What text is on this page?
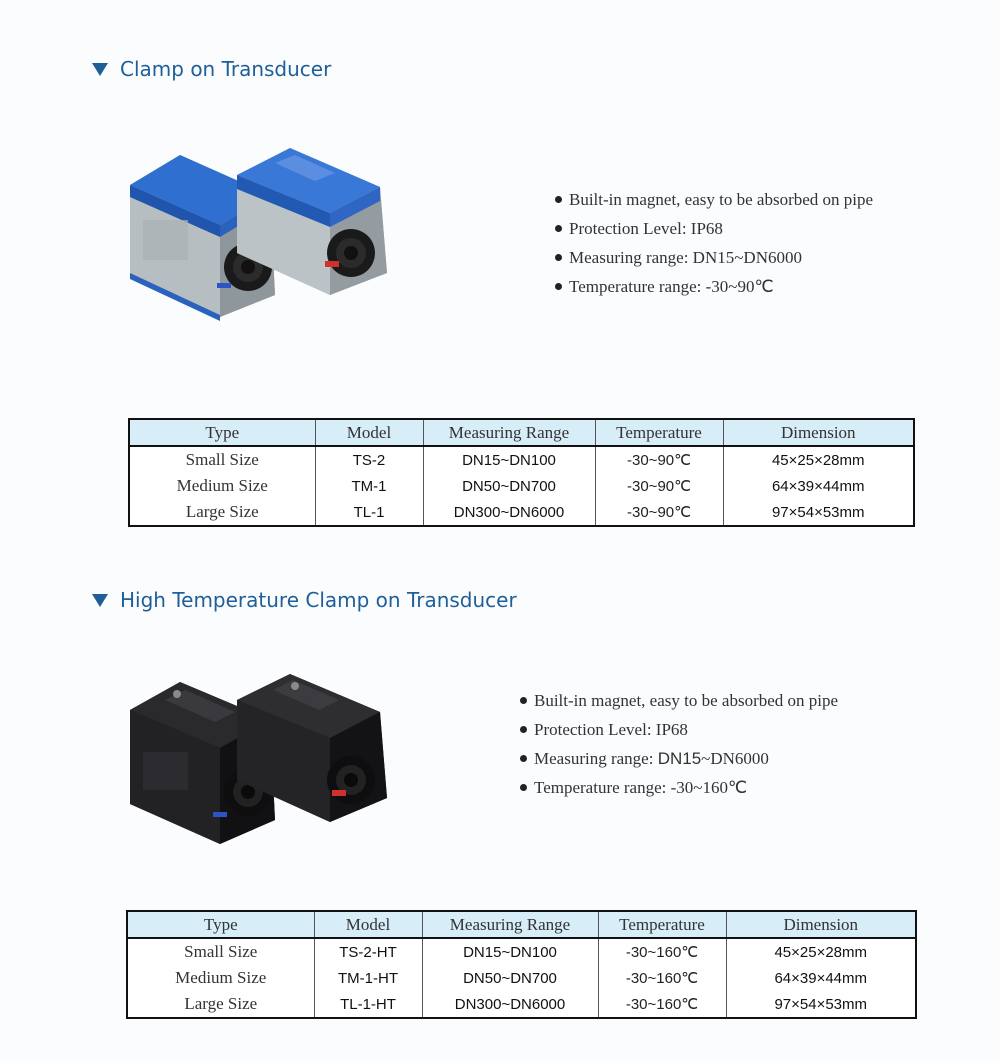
Clamp on Transducer
Built-in magnet, easy to be absorbed on pipe
Protection Level: IP68
Measuring range: DN15~DN6000
Temperature range: -30~90℃
Type	Model	Measuring Range	Temperature	Dimension
Small Size	TS-2	DN15~DN100	-30~90℃	45×25×28mm
Medium Size	TM-1	DN50~DN700	-30~90℃	64×39×44mm
Large Size	TL-1	DN300~DN6000	-30~90℃	97×54×53mm
High Temperature Clamp on Transducer
Built-in magnet, easy to be absorbed on pipe
Protection Level: IP68
Measuring range:
DN15 ~DN6000
Temperature range: -30~160℃
Type	Model	Measuring Range	Temperature	Dimension
Small Size	TS-2-HT	DN15~DN100	-30~160℃	45×25×28mm
Medium Size	TM-1-HT	DN50~DN700	-30~160℃	64×39×44mm
Large Size	TL-1-HT	DN300~DN6000	-30~160℃	97×54×53mm
